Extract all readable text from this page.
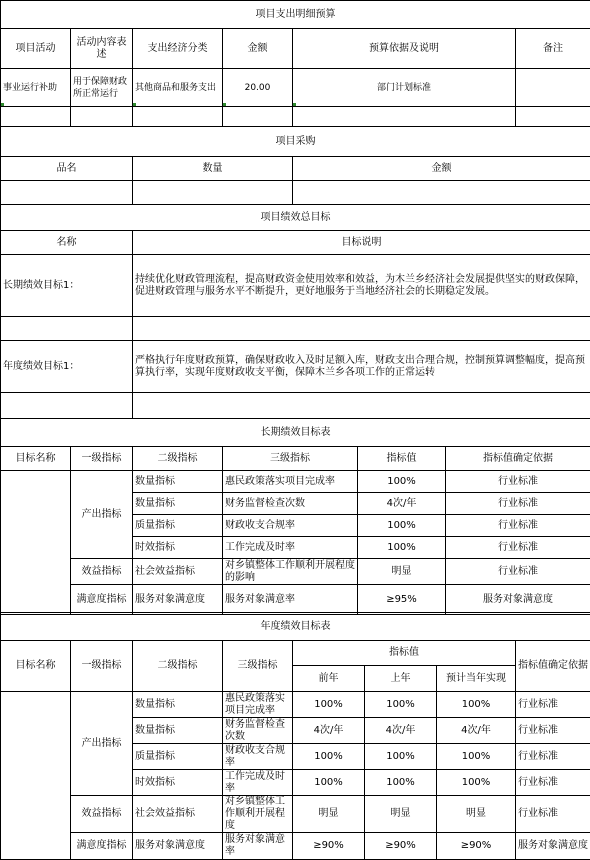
项目支出明细预算					
项目活动	活动内容表述	支出经济分类	金额	预算依据及说明	备注
事业运行补助	用于保障财政所正常运行	其他商品和服务支出	20.00	部门计划标准	

项目采购		
品名	数量	金额

项目绩效总目标	
名称	目标说明
长期绩效目标1：	持续优化财政管理流程，提高财政资金使用效率和效益，为木兰乡经济社会发展提供坚实的财政保障，促进财政管理与服务水平不断提升，更好地服务于当地经济社会的长期稳定发展。

年度绩效目标1：	严格执行年度财政预算，确保财政收入及时足额入库，财政支出合理合规，控制预算调整幅度，提高预算执行率，实现年度财政收支平衡，保障木兰乡各项工作的正常运转

长期绩效目标表					
目标名称	一级指标	二级指标	三级指标	指标值	指标值确定依据
	产出指标	数量指标	惠民政策落实项目完成率	100%	行业标准
		数量指标	财务监督检查次数	4次/年	行业标准
		质量指标	财政收支合规率	100%	行业标准
		时效指标	工作完成及时率	100%	行业标准
	效益指标	社会效益指标	对乡镇整体工作顺利开展程度的影响	明显	行业标准
	满意度指标	服务对象满意度	服务对象满意率	≥95%	服务对象满意度
年度绩效目标表							
目标名称	一级指标	二级指标	三级指标	指标值			指标值确定依据
				前年	上年	预计当年实现	
	产出指标	数量指标	惠民政策落实项目完成率	100%	100%	100%	行业标准
		数量指标	财务监督检查次数	4次/年	4次/年	4次/年	行业标准
		质量指标	财政收支合规率	100%	100%	100%	行业标准
		时效指标	工作完成及时率	100%	100%	100%	行业标准
	效益指标	社会效益指标	对乡镇整体工作顺利开展程度	明显	明显	明显	行业标准
	满意度指标	服务对象满意度	服务对象满意率	≥90%	≥90%	≥90%	服务对象满意度
